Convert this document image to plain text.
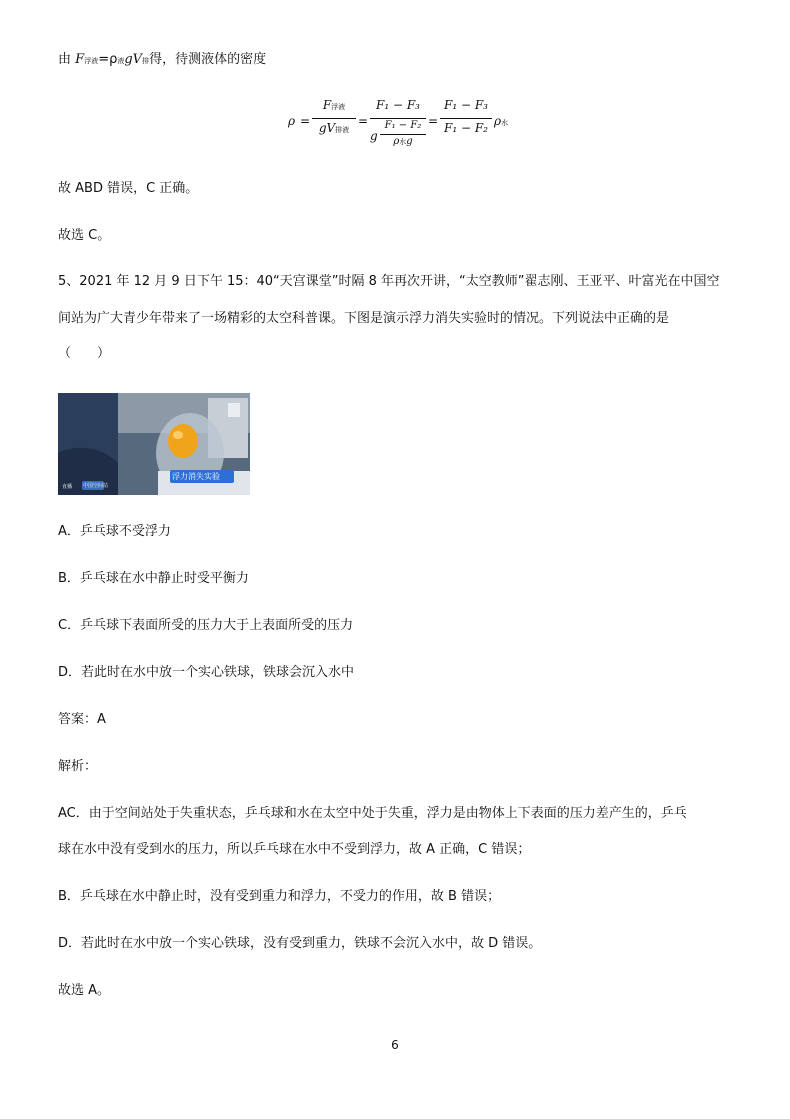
由 F浮液=ρ液gV排得，待测液体的密度
ρ =
F浮液
gV排液
=
F₁ − F₃
g
F₁ − F₂
ρ水g
=
F₁ − F₃
F₁ − F₂ ρ水
故 ABD 错误，C 正确。
故选 C。
5、2021 年 12 月 9 日下午 15：40“天宫课堂”时隔 8 年再次开讲，“太空教师”翟志刚、王亚平、叶富光在中国空
间站为广大青少年带来了一场精彩的太空科普课。下图是演示浮力消失实验时的情况。下列说法中正确的是
（　　）
浮力消失实验
中国空间站
直播
A．乒乓球不受浮力
B．乒乓球在水中静止时受平衡力
C．乒乓球下表面所受的压力大于上表面所受的压力
D．若此时在水中放一个实心铁球，铁球会沉入水中
答案：A
解析：
AC．由于空间站处于失重状态，乒乓球和水在太空中处于失重，浮力是由物体上下表面的压力差产生的，乒乓
球在水中没有受到水的压力，所以乒乓球在水中不受到浮力，故 A 正确，C 错误；
B．乒乓球在水中静止时，没有受到重力和浮力，不受力的作用，故 B 错误；
D．若此时在水中放一个实心铁球，没有受到重力，铁球不会沉入水中，故 D 错误。
故选 A。
6
